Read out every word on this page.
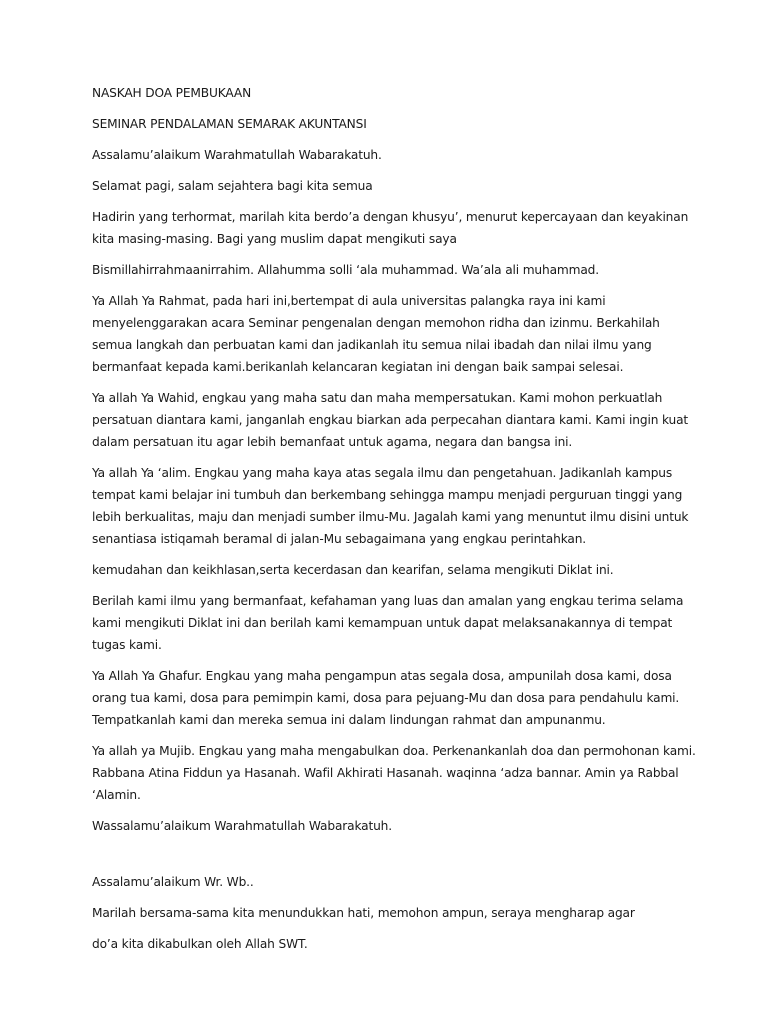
NASKAH DOA PEMBUKAAN

SEMINAR PENDALAMAN SEMARAK AKUNTANSI

Assalamu’alaikum Warahmatullah Wabarakatuh.

Selamat pagi, salam sejahtera bagi kita semua

Hadirin yang terhormat, marilah kita berdo’a dengan khusyu’, menurut kepercayaan dan keyakinan
kita masing-masing. Bagi yang muslim dapat mengikuti saya

Bismillahirrahmaanirrahim. Allahumma solli ‘ala muhammad. Wa’ala ali muhammad.

Ya Allah Ya Rahmat, pada hari ini,bertempat di aula universitas palangka raya ini kami
menyelenggarakan acara Seminar pengenalan dengan memohon ridha dan izinmu. Berkahilah
semua langkah dan perbuatan kami dan jadikanlah itu semua nilai ibadah dan nilai ilmu yang
bermanfaat kepada kami.berikanlah kelancaran kegiatan ini dengan baik sampai selesai.

Ya allah Ya Wahid, engkau yang maha satu dan maha mempersatukan. Kami mohon perkuatlah
persatuan diantara kami, janganlah engkau biarkan ada perpecahan diantara kami. Kami ingin kuat
dalam persatuan itu agar lebih bemanfaat untuk agama, negara dan bangsa ini.

Ya allah Ya ‘alim. Engkau yang maha kaya atas segala ilmu dan pengetahuan. Jadikanlah kampus
tempat kami belajar ini tumbuh dan berkembang sehingga mampu menjadi perguruan tinggi yang
lebih berkualitas, maju dan menjadi sumber ilmu-Mu. Jagalah kami yang menuntut ilmu disini untuk
senantiasa istiqamah beramal di jalan-Mu sebagaimana yang engkau perintahkan.

kemudahan dan keikhlasan,serta kecerdasan dan kearifan, selama mengikuti Diklat ini.

Berilah kami ilmu yang bermanfaat, kefahaman yang luas dan amalan yang engkau terima selama
kami mengikuti Diklat ini dan berilah kami kemampuan untuk dapat melaksanakannya di tempat
tugas kami.

Ya Allah Ya Ghafur. Engkau yang maha pengampun atas segala dosa, ampunilah dosa kami, dosa
orang tua kami, dosa para pemimpin kami, dosa para pejuang-Mu dan dosa para pendahulu kami.
Tempatkanlah kami dan mereka semua ini dalam lindungan rahmat dan ampunanmu.

Ya allah ya Mujib. Engkau yang maha mengabulkan doa. Perkenankanlah doa dan permohonan kami.
Rabbana Atina Fiddun ya Hasanah. Wafil Akhirati Hasanah. waqinna ‘adza bannar. Amin ya Rabbal
‘Alamin.

Wassalamu’alaikum Warahmatullah Wabarakatuh.

Assalamu’alaikum Wr. Wb..

Marilah bersama-sama kita menundukkan hati, memohon ampun, seraya mengharap agar

do’a kita dikabulkan oleh Allah SWT.
